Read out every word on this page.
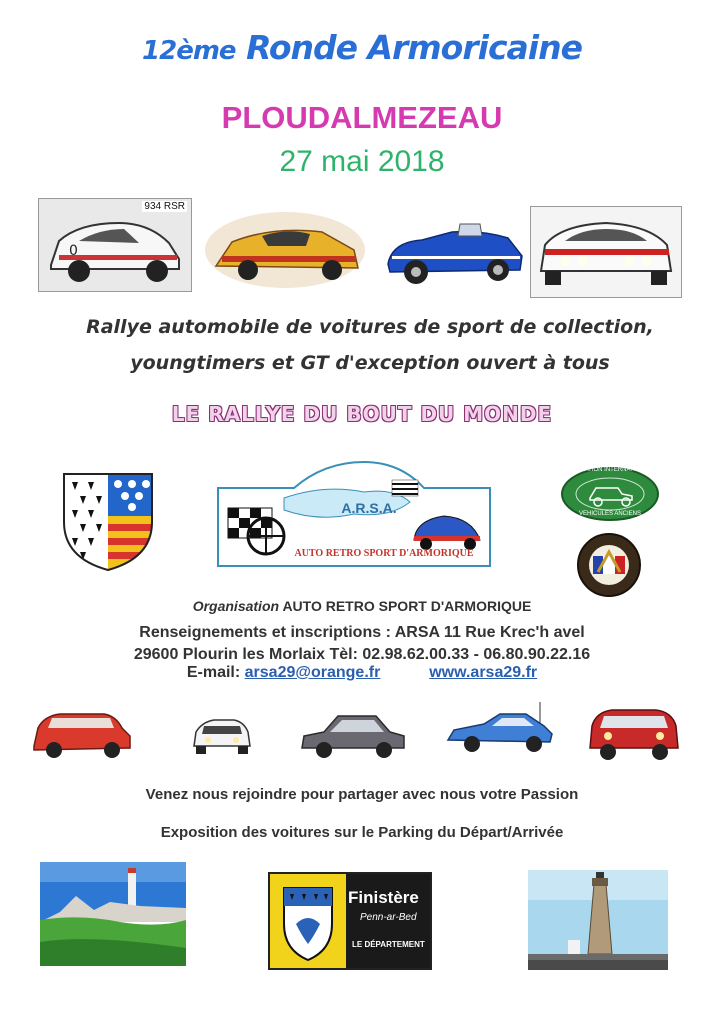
12ème Ronde Armoricaine
PLOUDALMEZEAU
27 mai 2018
0
934 RSR
Rallye automobile de voitures de sport de collection,
youngtimers et GT d'exception ouvert à tous
LE RALLYE DU BOUT DU MONDE
A.R.S.A.
AUTO RETRO SPORT D'ARMORIQUE
FEDERATION INTERNATIONALE
VEHICULES ANCIENS
Organisation AUTO RETRO SPORT D'ARMORIQUE
Renseignements et inscriptions : ARSA 11 Rue Krec'h avel
29600 Plourin les Morlaix Tèl: 02.98.62.00.33 - 06.80.90.22.16
E-mail: arsa29@orange.fr	www.arsa29.fr
Venez nous rejoindre pour partager avec nous votre Passion
Exposition des voitures sur le Parking du Départ/Arrivée
Finistère
Penn-ar-Bed
LE DÉPARTEMENT
